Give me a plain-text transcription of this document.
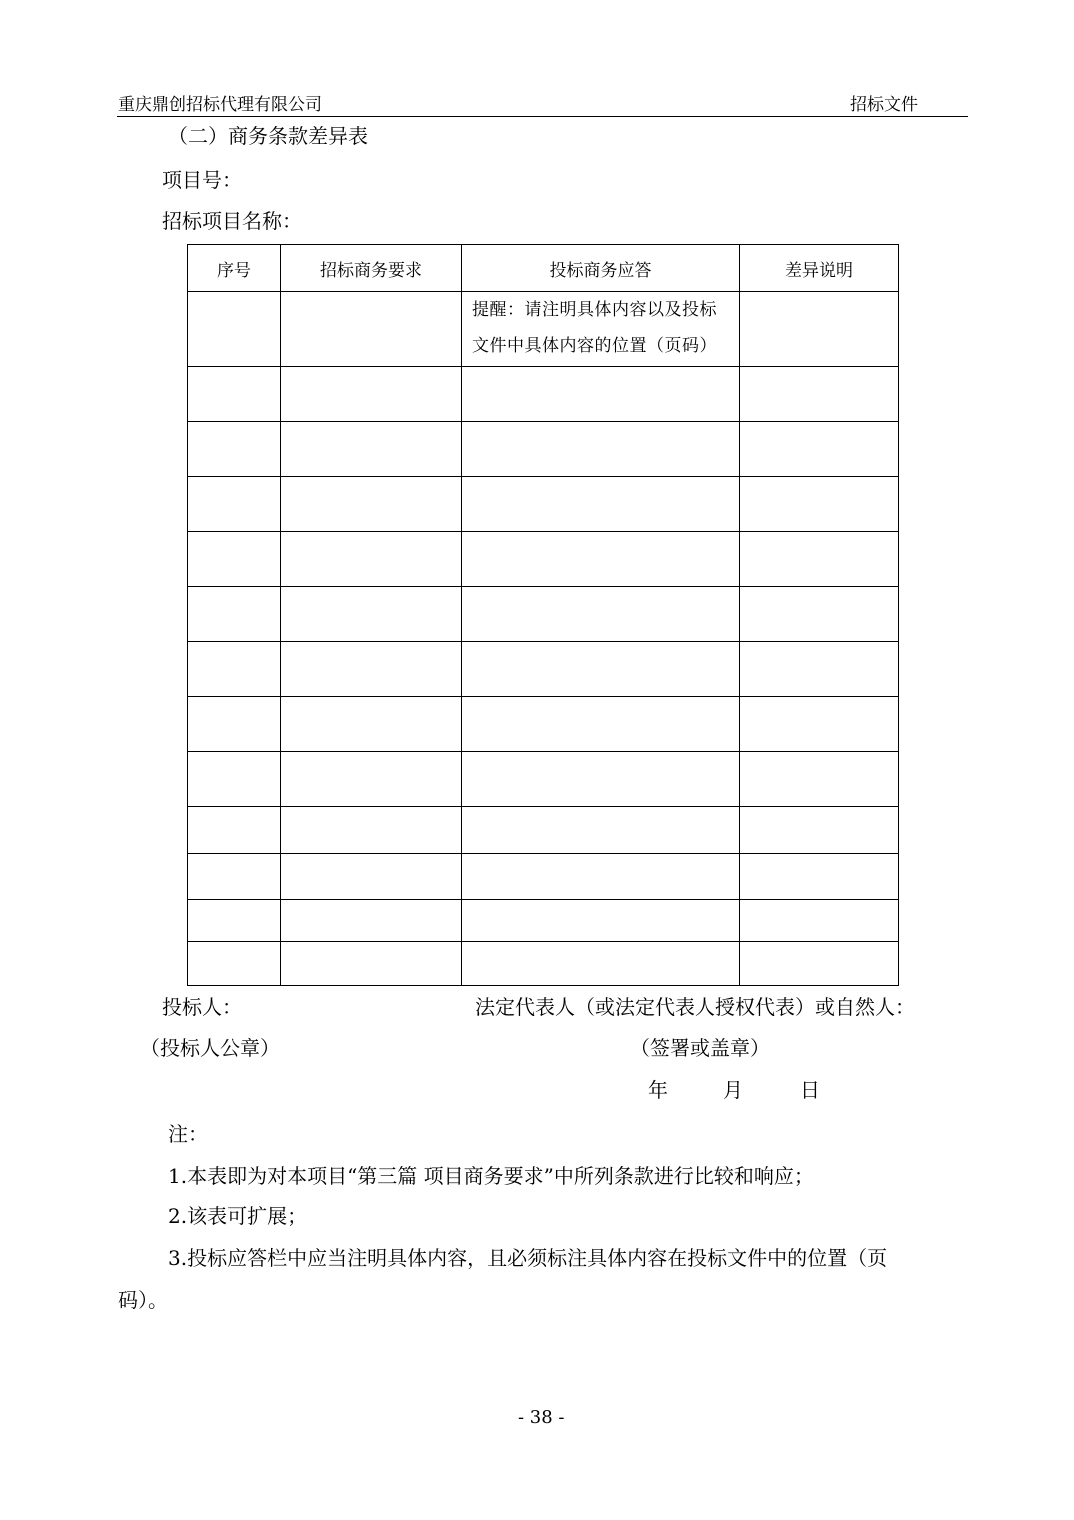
重庆鼎创招标代理有限公司	招标文件
（二）商务条款差异表
项目号：
招标项目名称：
序号	招标商务要求	投标商务应答	差异说明
		提醒：请注明具体内容以及投标文件中具体内容的位置（页码）	

投标人：	法定代表人（或法定代表人授权代表）或自然人：
（投标人公章）	（签署或盖章）
年	月	日
注：
1.本表即为对本项目“第三篇 项目商务要求”中所列条款进行比较和响应；
2.该表可扩展；
3.投标应答栏中应当注明具体内容，且必须标注具体内容在投标文件中的位置（页
码）。
- 38 -
